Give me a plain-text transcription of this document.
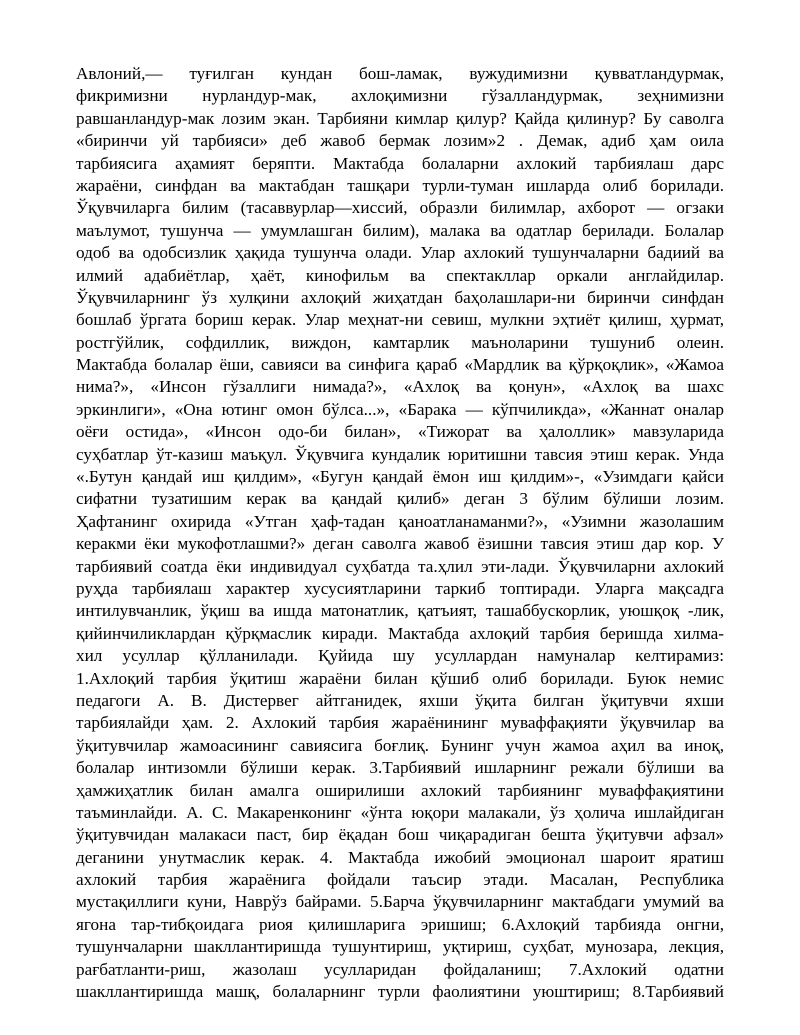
Авлоний,— туғилган кундан бош-ламак, вужудимизни қувватландурмак,
фикримизни нурландур-мак, ахлоқимизни гўзалландурмак, зеҳнимизни
равшанландур-мак лозим экан. Тарбияни кимлар қилур? Қайда қилинур? Бу саволга
«биринчи уй тарбияси» деб жавоб бермак лозим»2 . Демак, адиб ҳам оила
тарбиясига аҳамият беряпти. Мактабда болаларни ахлокий тарбиялаш дарс
жараёни, синфдан ва мактабдан ташқари турли-туман ишларда олиб борилади.
Ўқувчиларга билим (тасаввурлар—хиссий, образли билимлар, ахборот — огзаки
маълумот, тушунча — умумлашган билим), малака ва одатлар берилади. Болалар
одоб ва одобсизлик ҳақида тушунча олади. Улар ахлокий тушунчаларни бадиий ва
илмий адабиётлар, ҳаёт, кинофильм ва спектакллар оркали англайдилар.
Ўқувчиларнинг ўз хулқини ахлоқий жиҳатдан баҳолашлари-ни биринчи синфдан
бошлаб ўргата бориш керак. Улар меҳнат-ни севиш, мулкни эҳтиёт қилиш, ҳурмат,
ростгўйлик, софдиллик, виждон, камтарлик маъноларини тушуниб олеин.
Мактабда болалар ёши, савияси ва синфига қараб «Мардлик ва қўрқоқлик», «Жамоа
нима?», «Инсон гўзаллиги нимада?», «Ахлоқ ва қонун», «Ахлоқ ва шахс
эркинлиги», «Она ютинг омон бўлса...», «Барака — кўпчиликда», «Жаннат оналар
оёғи остида», «Инсон одо-би билан», «Тижорат ва ҳалоллик» мавзуларида
суҳбатлар ўт-казиш маъқул. Ўқувчига кундалик юритишни тавсия этиш керак. Унда
«.Бутун қандай иш қилдим», «Бугун қандай ёмон иш қилдим»-, «Узимдаги қайси
сифатни тузатишим керак ва қандай қилиб» деган 3 бўлим бўлиши лозим.
Ҳафтанинг охирида «Утган ҳаф-тадан қаноатланаманми?», «Узимни жазолашим
керакми ёки мукофотлашми?» деган саволга жавоб ёзишни тавсия этиш дар кор. У
тарбиявий соатда ёки индивидуал суҳбатда та.ҳлил эти-лади. Ўқувчиларни ахлокий
руҳда тарбиялаш характер хусусиятларини таркиб топтиради. Уларга мақсадга
интилувчанлик, ўқиш ва ишда матонатлик, қатъият, ташаббускорлик, уюшқоқ -лик,
қийинчиликлардан қўрқмаслик киради. Мактабда ахлоқий тарбия беришда хилма-
хил усуллар қўлланилади. Қуйида шу усуллардан намуналар келтирамиз:
1.Ахлоқий тарбия ўқитиш жараёни билан қўшиб олиб борилади. Буюк немис
педагоги А. В. Дистервег айтганидек, яхши ўқита билган ўқитувчи яхши
тарбиялайди ҳам. 2. Ахлокий тарбия жараёнининг муваффақияти ўқувчилар ва
ўқитувчилар жамоасининг савиясига боғлиқ. Бунинг учун жамоа аҳил ва иноқ,
болалар интизомли бўлиши керак. 3.Тарбиявий ишларнинг режали бўлиши ва
ҳамжиҳатлик билан амалга оширилиши ахлокий тарбиянинг муваффақиятини
таъминлайди. А. С. Макаренконинг «ўнта юқори малакали, ўз ҳолича ишлайдиган
ўқитувчидан малакаси паст, бир ёқадан бош чиқарадиган бешта ўқитувчи афзал»
деганини унутмаслик керак. 4. Мактабда ижобий эмоционал шароит яратиш
ахлокий тарбия жараёнига фойдали таъсир этади. Масалан, Республика
мустақиллиги куни, Наврўз байрами. 5.Барча ўқувчиларнинг мактабдаги умумий ва
ягона тар-тибқоидага риоя қилишларига эришиш; 6.Ахлоқий тарбияда онгни,
тушунчаларни шакллантиришда тушунтириш, уқтириш, суҳбат, мунозара, лекция,
рағбатланти-риш, жазолаш усулларидан фойдаланиш; 7.Ахлокий одатни
шакллантиришда машқ, болаларнинг турли фаолиятини уюштириш; 8.Тарбиявий
